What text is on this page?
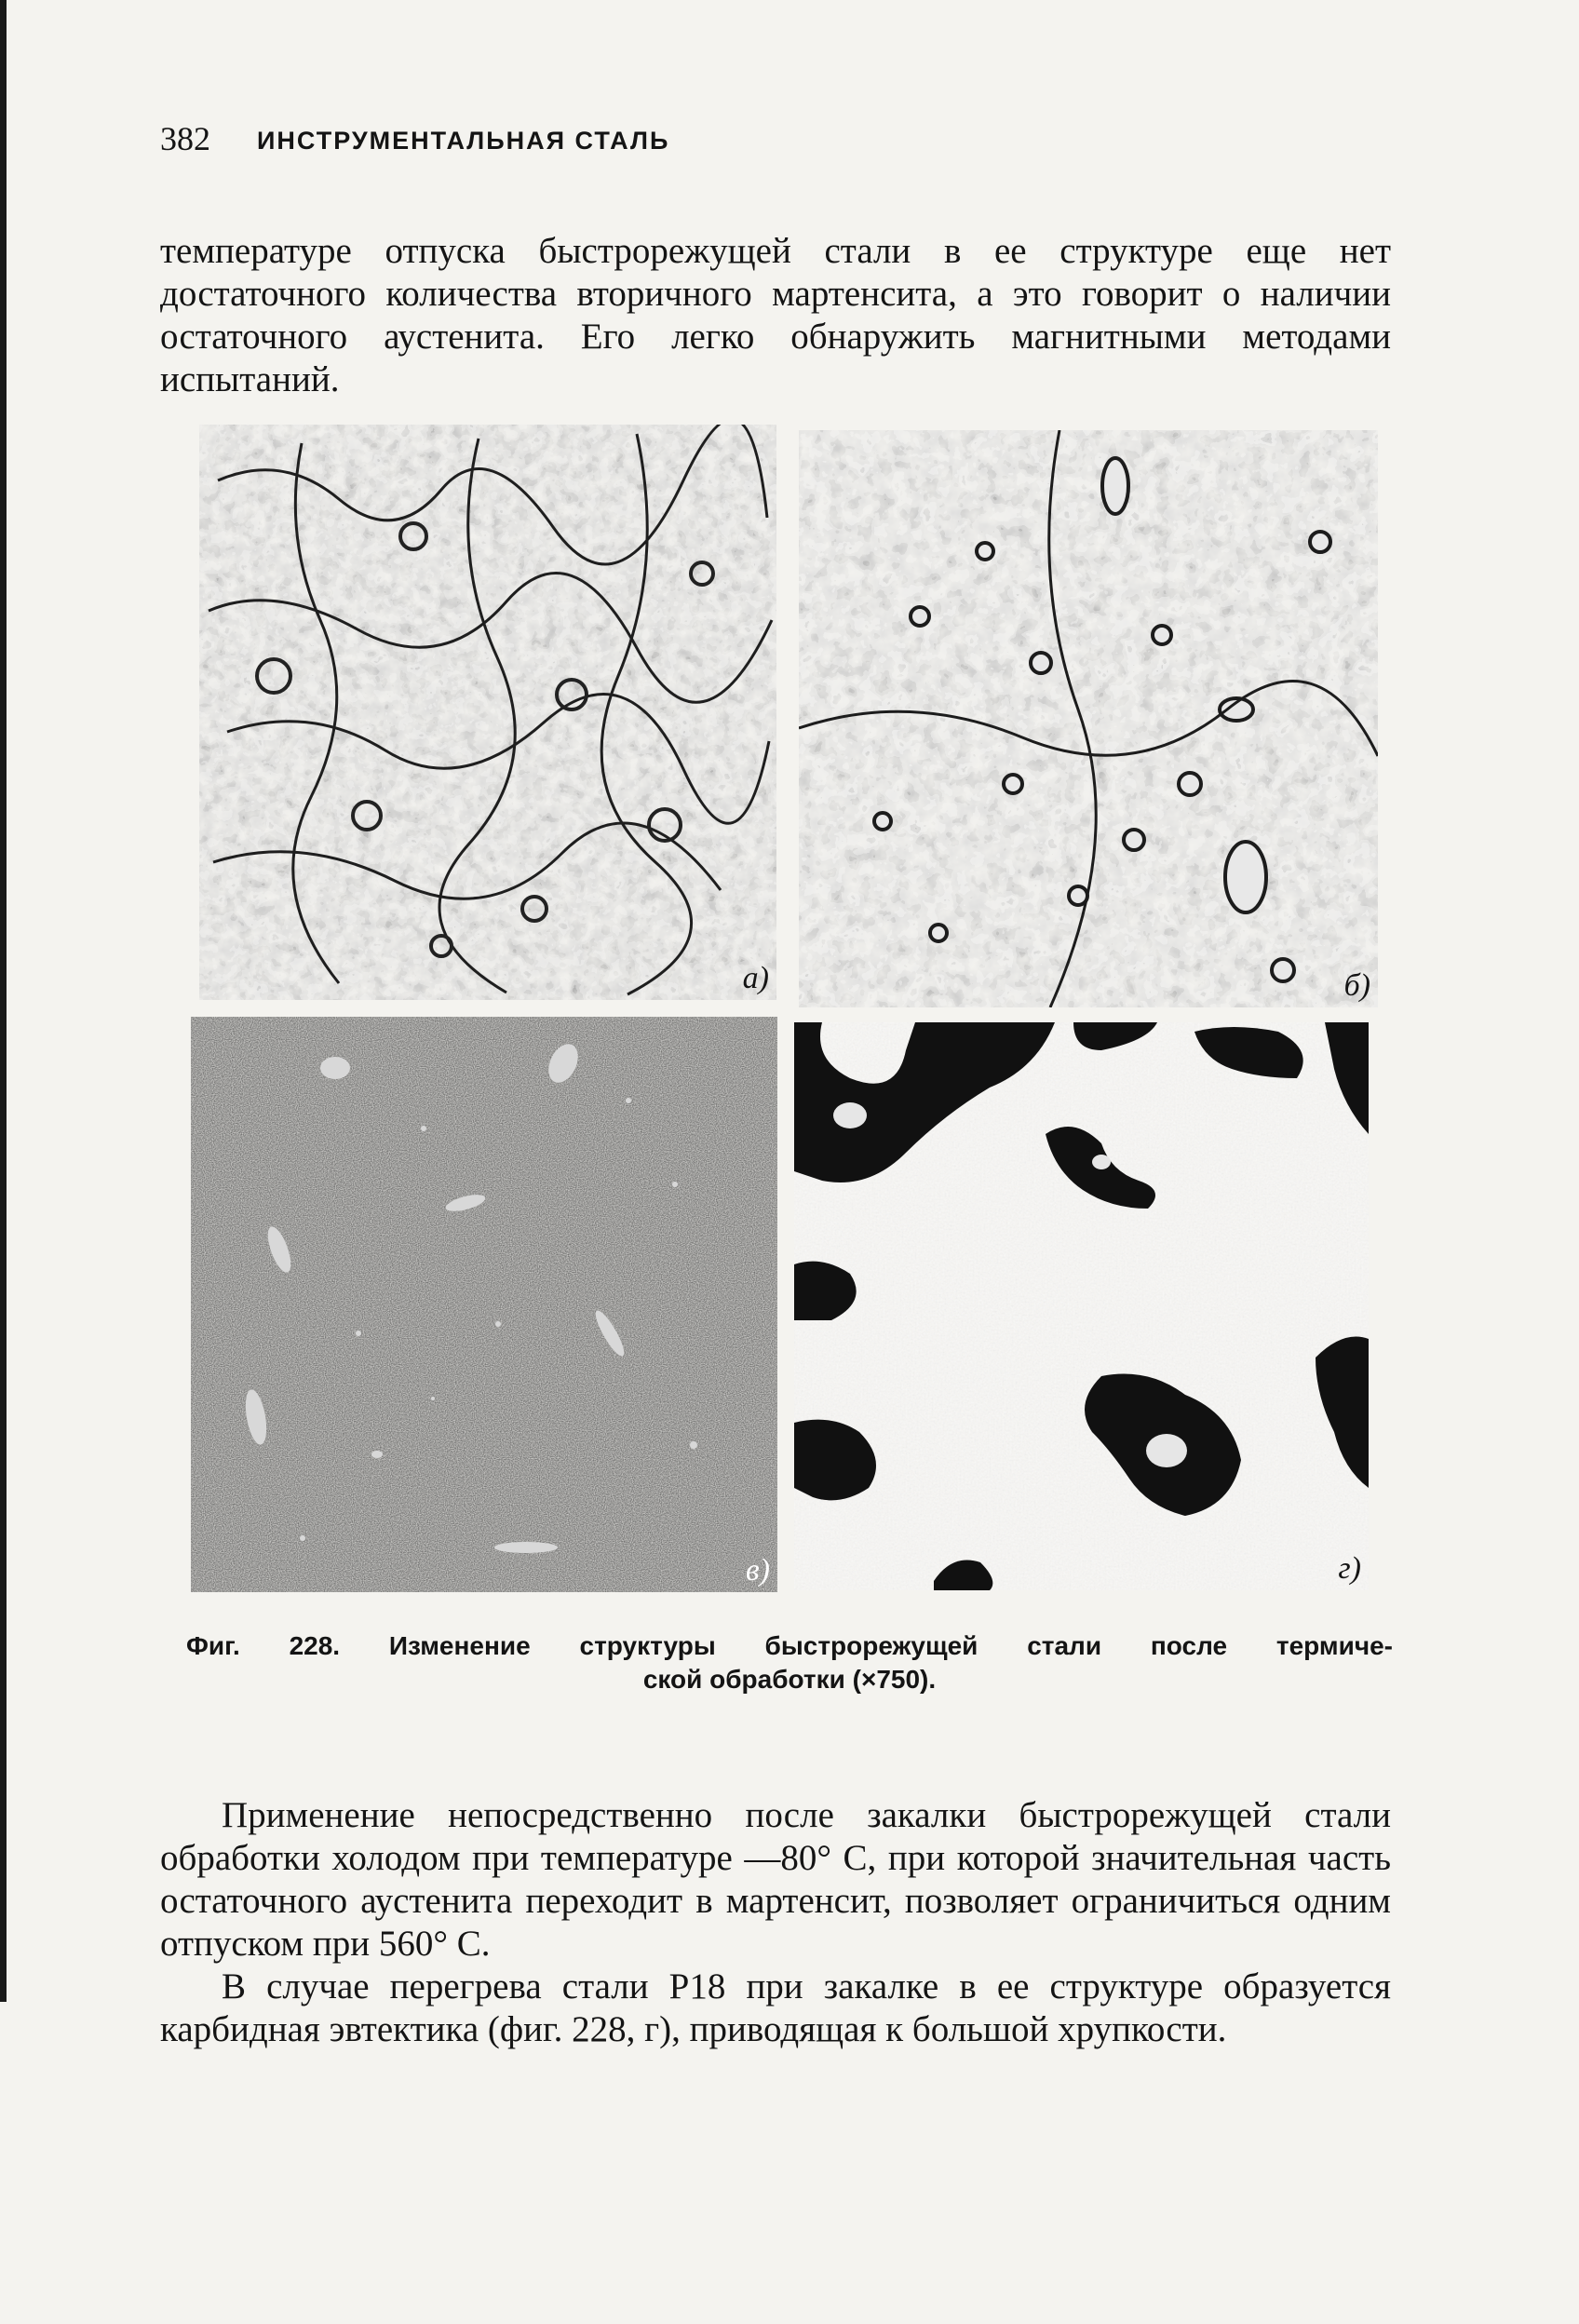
382 ИНСТРУМЕНТАЛЬНАЯ СТАЛЬ

температуре отпуска быстрорежущей стали в ее структуре еще нет достаточного количества вторичного мартенсита, а это говорит о наличии остаточного аустенита. Его легко обнаружить магнитными методами испытаний.

а)	б)
в)	г)
Фиг. 228. Изменение структуры быстрорежущей стали после термиче-
ской обработки (×750).

Применение непосредственно после закалки быстрорежущей стали обработки холодом при температуре —80° С, при которой значительная часть остаточного аустенита переходит в мартенсит, позволяет ограничиться одним отпуском при 560° С.

В случае перегрева стали Р18 при закалке в ее структуре образуется карбидная эвтектика (фиг. 228, г), приводящая к большой хрупкости.
